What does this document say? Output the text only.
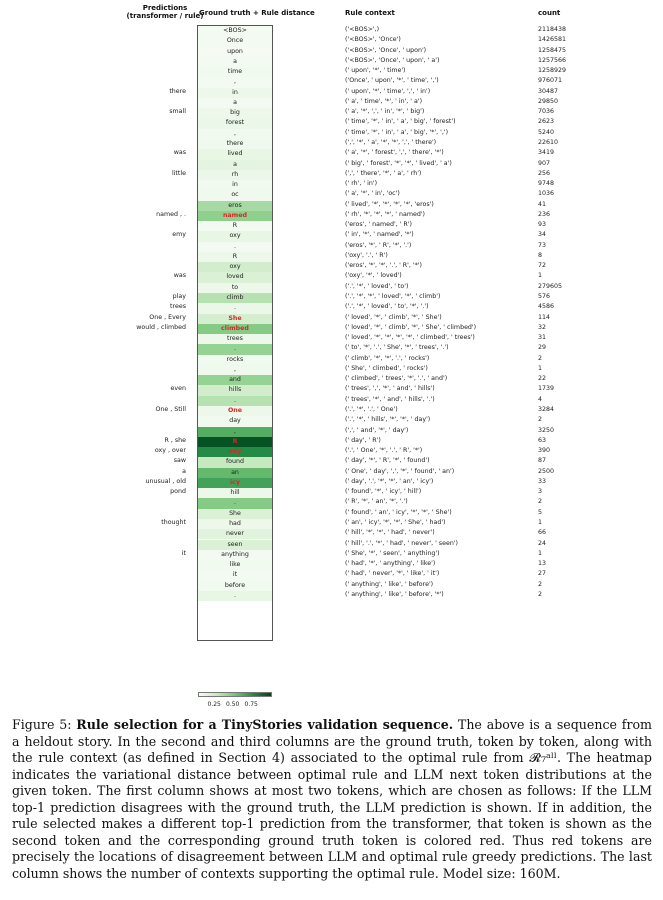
Predictions
(transformer / rule)
Ground truth + Rule distance	Rule context	count
there
small
was
little
named , .
emy
was
play
trees
One , Every
would , climbed
even
One , Still
R , she
oxy , over
saw
a
unusual , old
pond
thought
it
<BOS>
Once
upon
a
time
,
in
a
big
forest
,
there
lived
a
rh
in
oc
eros
named
R
oxy
.
R
oxy
loved
to
climb
.
She
climbed
trees
.
rocks
,
and
hills
.
One
day
,
R
oxy
found
an
icy
hill
.
She
had
never
seen
anything
like
it
before
.
('<BOS>',)
('<BOS>', 'Once')
('<BOS>', 'Once', ' upon')
('<BOS>', 'Once', ' upon', ' a')
(' upon', '*', ' time')
('Once', ' upon', '*', ' time', ',')
(' upon', '*', ' time', ',', ' in')
(' a', ' time', '*', ' in', ' a')
(' a', '*', ',', ' in', '*', ' big')
(' time', '*', ' in', ' a', ' big', ' forest')
(' time', '*', ' in', ' a', ' big', '*', ',')
(',', '*', ' a', '*', '*', ',', ' there')
(' a', '*', ' forest', ',', ' there', '*')
(' big', ' forest', '*', '*', ' lived', ' a')
(',', ' there', '*', ' a', ' rh')
(' rh', ' in')
(' a', '*', ' in', 'oc')
(' lived', '*', '*', '*', '*', 'eros')
(' rh', '*', '*', '*', ' named')
('eros', ' named', ' R')
(' in', '*', ' named', '*')
('eros', '*', ' R', '*', '.')
('oxy', '.', ' R')
('eros', '*', '*', '.', ' R', '*')
('oxy', '*', ' loved')
('.', '*', ' loved', ' to')
('.', '*', '*', ' loved', '*', ' climb')
('.', '*', ' loved', ' to', '*', '.')
(' loved', '*', ' climb', '*', ' She')
(' loved', '*', ' climb', '*', ' She', ' climbed')
(' loved', '*', '*', '*', '*', ' climbed', ' trees')
(' to', '*', '.', ' She', '*', ' trees', '.')
(' climb', '*', '*', '.', ' rocks')
(' She', ' climbed', ' rocks')
(' climbed', ' trees', '*', '.', ' and')
(' trees', ',', '*', ' and', ' hills')
(' trees', '*', ' and', ' hills', '.')
('.', '*', '.', ' One')
('.', '*', ' hills', '*', '*', ' day')
(',', ' and', '*', ' day')
(' day', ' R')
('.', ' One', '*', '.', ' R', '*')
(' day', '*', ' R', '*', ' found')
(' One', ' day', ',', '*', ' found', ' an')
(' day', '.', '*', '*', ' an', ' icy')
(' found', '*', ' icy', ' hill')
(' R', '*', ' an', '*', '.')
(' found', ' an', ' icy', '*', '*', ' She')
(' an', ' icy', '*', '*', ' She', ' had')
(' hill', '*', '*', ' had', ' never')
(' hill', '.', '*', ' had', ' never', ' seen')
(' She', '*', ' seen', ' anything')
(' had', '*', ' anything', ' like')
(' had', ' never', '*', ' like', ' it')
(' anything', ' like', ' before')
(' anything', ' like', ' before', '*')
2118438
1426581
1258475
1257566
1258929
976071
30487
29850
7036
2623
5240
22610
3419
907
256
9748
1036
41
236
93
34
73
8
72
1
279605
576
4586
114
32
31
29
2
1
22
1739
4
3284
2
3250
63
390
87
2500
33
3
2
5
1
66
24
1
13
27
2
2
0.25 0.50 0.75
Figure 5: Rule selection for a TinyStories validation sequence. The above is a sequence from a heldout story. In the second and third columns are the ground truth, token by token, along with the rule context (as defined in Section 4) associated to the optimal rule from 𝓡₇ᵃˡˡ. The heatmap indicates the variational distance between optimal rule and LLM next token distributions at the given token. The first column shows at most two tokens, which are chosen as follows: If the LLM top-1 prediction disagrees with the ground truth, the LLM prediction is shown. If in addition, the rule selected makes a different top-1 prediction from the transformer, that token is shown as the second token and the corresponding ground truth token is colored red. Thus red tokens are precisely the locations of disagreement between LLM and optimal rule greedy predictions. The last column shows the number of contexts supporting the optimal rule. Model size: 160M.
